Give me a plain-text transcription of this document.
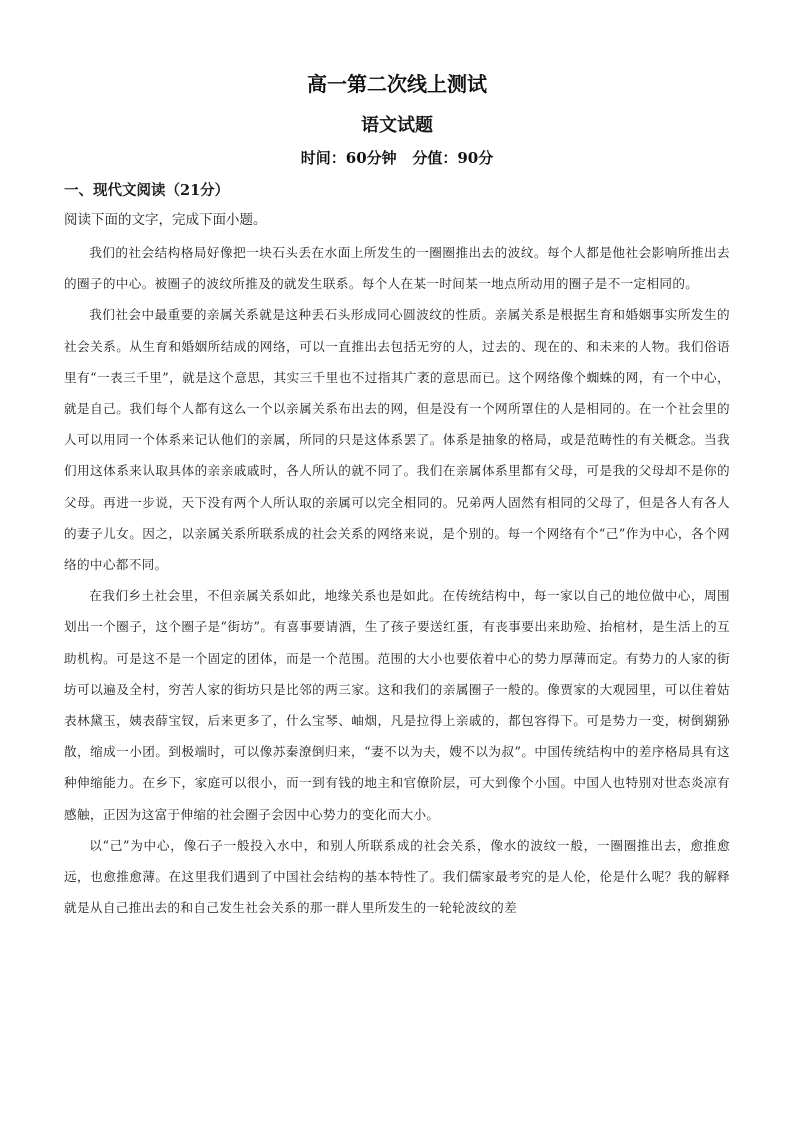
高一第二次线上测试
语文试题
时间：60分钟   分值：90分
一、现代文阅读（21分）
阅读下面的文字，完成下面小题。

我们的社会结构格局好像把一块石头丢在水面上所发生的一圈圈推出去的波纹。每个人都是他社会影响所推出去的圈子的中心。被圈子的波纹所推及的就发生联系。每个人在某一时间某一地点所动用的圈子是不一定相同的。

我们社会中最重要的亲属关系就是这种丢石头形成同心圆波纹的性质。亲属关系是根据生育和婚姻事实所发生的社会关系。从生育和婚姻所结成的网络，可以一直推出去包括无穷的人，过去的、现在的、和未来的人物。我们俗语里有“一表三千里”，就是这个意思，其实三千里也不过指其广袤的意思而已。这个网络像个蜘蛛的网，有一个中心，就是自己。我们每个人都有这么一个以亲属关系布出去的网，但是没有一个网所罩住的人是相同的。在一个社会里的人可以用同一个体系来记认他们的亲属，所同的只是这体系罢了。体系是抽象的格局，或是范畴性的有关概念。当我们用这体系来认取具体的亲亲戚戚时，各人所认的就不同了。我们在亲属体系里都有父母，可是我的父母却不是你的父母。再进一步说，天下没有两个人所认取的亲属可以完全相同的。兄弟两人固然有相同的父母了，但是各人有各人的妻子儿女。因之，以亲属关系所联系成的社会关系的网络来说，是个别的。每一个网络有个“己”作为中心，各个网络的中心都不同。

在我们乡土社会里，不但亲属关系如此，地缘关系也是如此。在传统结构中，每一家以自己的地位做中心，周围划出一个圈子，这个圈子是“街坊”。有喜事要请酒，生了孩子要送红蛋，有丧事要出来助殓、抬棺材，是生活上的互助机构。可是这不是一个固定的团体，而是一个范围。范围的大小也要依着中心的势力厚薄而定。有势力的人家的街坊可以遍及全村，穷苦人家的街坊只是比邻的两三家。这和我们的亲属圈子一般的。像贾家的大观园里，可以住着姑表林黛玉，姨表薛宝钗，后来更多了，什么宝琴、岫烟，凡是拉得上亲戚的，都包容得下。可是势力一变，树倒猢狲散，缩成一小团。到极端时，可以像苏秦潦倒归来，“妻不以为夫，嫂不以为叔”。中国传统结构中的差序格局具有这种伸缩能力。在乡下，家庭可以很小，而一到有钱的地主和官僚阶层，可大到像个小国。中国人也特别对世态炎凉有感触，正因为这富于伸缩的社会圈子会因中心势力的变化而大小。

以“己”为中心，像石子一般投入水中，和别人所联系成的社会关系，像水的波纹一般，一圈圈推出去，愈推愈远，也愈推愈薄。在这里我们遇到了中国社会结构的基本特性了。我们儒家最考究的是人伦，伦是什么呢？我的解释就是从自己推出去的和自己发生社会关系的那一群人里所发生的一轮轮波纹的差
